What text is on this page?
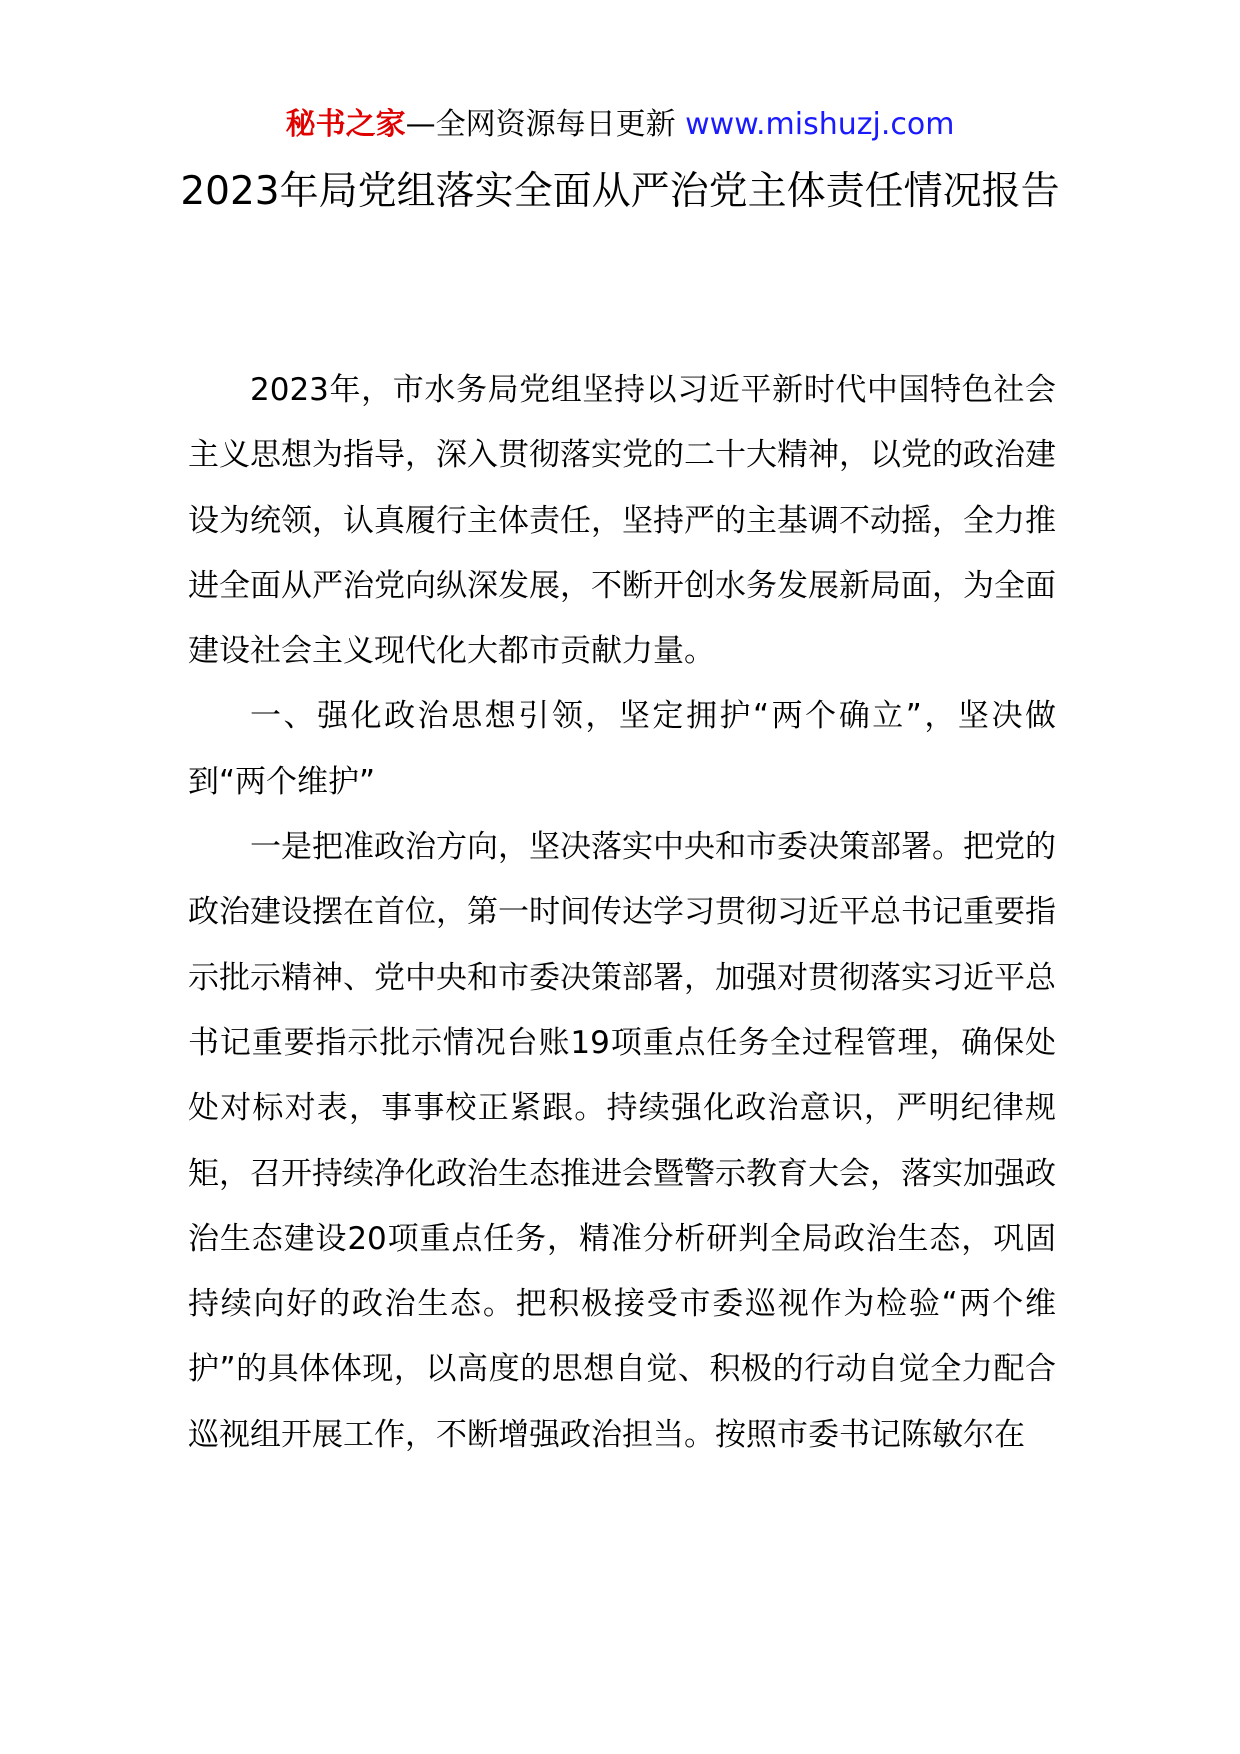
秘书之家—全网资源每日更新 www.mishuzj.com
2023年局党组落实全面从严治党主体责任情况报告

2023年，市水务局党组坚持以习近平新时代中国特色社会主义思想为指导，深入贯彻落实党的二十大精神，以党的政治建设为统领，认真履行主体责任，坚持严的主基调不动摇，全力推进全面从严治党向纵深发展，不断开创水务发展新局面，为全面建设社会主义现代化大都市贡献力量。

一、强化政治思想引领，坚定拥护“两个确立”，坚决做到“两个维护”

一是把准政治方向，坚决落实中央和市委决策部署。把党的政治建设摆在首位，第一时间传达学习贯彻习近平总书记重要指示批示精神、党中央和市委决策部署，加强对贯彻落实习近平总书记重要指示批示情况台账19项重点任务全过程管理，确保处处对标对表，事事校正紧跟。持续强化政治意识，严明纪律规矩，召开持续净化政治生态推进会暨警示教育大会，落实加强政治生态建设20项重点任务，精准分析研判全局政治生态，巩固持续向好的政治生态。把积极接受市委巡视作为检验“两个维护”的具体体现，以高度的思想自觉、积极的行动自觉全力配合巡视组开展工作，不断增强政治担当。按照市委书记陈敏尔在
